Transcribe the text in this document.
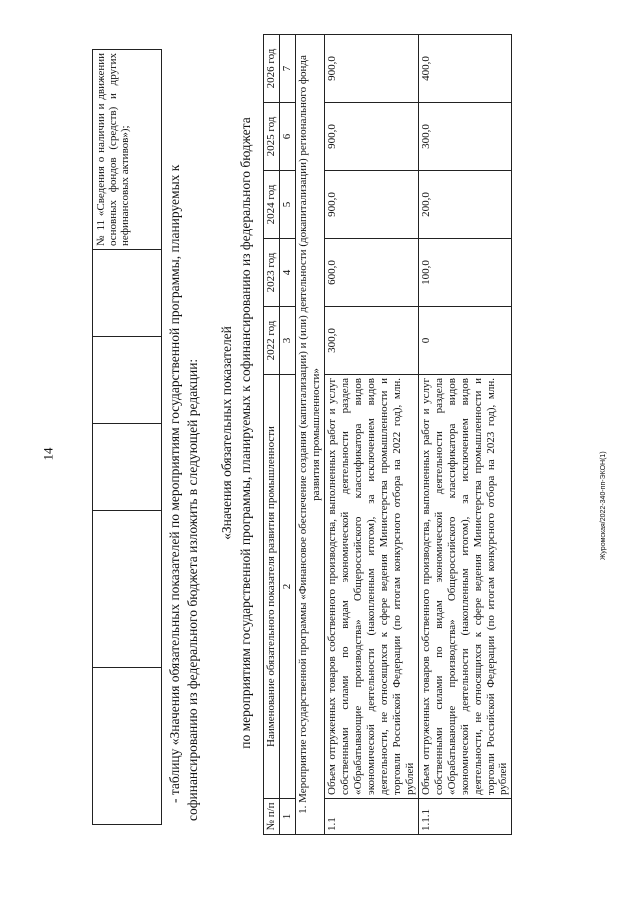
14	Журомская/2022-340-пп-ЭКОН(1)
					№ 11 «Сведения о наличии и движении основных фондов (средств) и других нефинансовых активов»);	- таблицу «Значения обязательных показателей по мероприятиям государственной программы, планируемых к софинансированию из федерального бюджета изложить в следующей редакции: «Значения обязательных показателей по мероприятиям государственной программы, планируемых к софинансированию из федерального бюджета
№ п/п	Наименование обязательного показателя развития промышленности	2022 год	2023 год	2024 год	2025 год	2026 год
1	2	3	4	5	6	7
1. Мероприятие государственной программы «Финансовое обеспечение создания (капитализации) и (или) деятельности (докапитализации) регионального фонда развития промышленности»						
1.1	Объем отгруженных товаров собственного производства, выполненных работ и услуг собственными силами по видам экономической деятельности раздела «Обрабатывающие производства» Общероссийского классификатора видов экономической деятельности (накопленным итогом), за исключением видов деятельности, не относящихся к сфере ведения Министерства промышленности и торговли Российской Федерации (по итогам конкурсного отбора на 2022 год), млн. рублей	300,0	600,0	900,0	900,0	900,0
1.1.1	Объем отгруженных товаров собственного производства, выполненных работ и услуг собственными силами по видам экономической деятельности раздела «Обрабатывающие производства» Общероссийского классификатора видов экономической деятельности (накопленным итогом), за исключением видов деятельности, не относящихся к сфере ведения Министерства промышленности и торговли Российской Федерации (по итогам конкурсного отбора на 2023 год), млн. рублей	0	100,0	200,0	300,0	400,0
